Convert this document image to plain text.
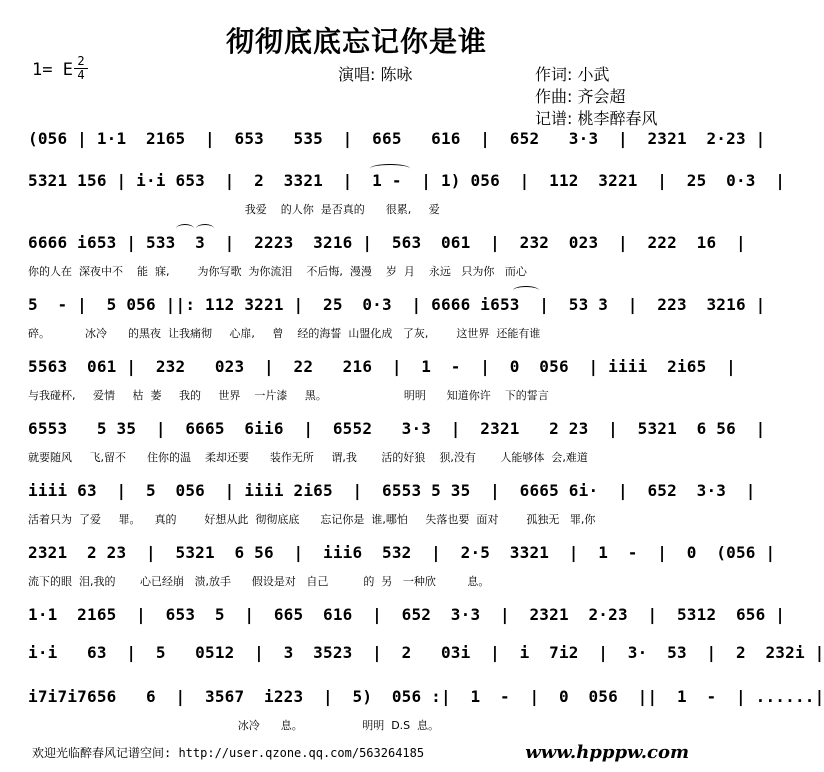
彻彻底底忘记你是谁
1= E 2
4	演唱: 陈咏	作词: 小武
作曲: 齐会超
记谱: 桃李醉春风
(056 | 1·1  2165  |  653   535  |  665   616  |  652   3·3  |  2321  2·23 |
5321 156 | i·i 653  |  2  3321  |  1 -  | 1) 056  |  112  3221  |  25  0·3  |
我爱    的人你  是否真的      很累,     爱
6666 i653 | 533  3  |  2223  3216 |  563  061  |  232  023  |  222  16  |
你的人在  深夜中不    能  寐,        为你写歌  为你流泪    不后悔,  漫漫    岁  月    永远   只为你   而心
5  - |  5 056 ||: 112 3221 |  25  0·3  | 6666 i653  |  53 3  |  223  3216 |
碎。          冰冷      的黑夜  让我痛彻     心扉,     曾    经的海誓  山盟化成   了灰,        这世界  还能有谁
5563  061 |  232   023  |  22   216  |  1  -  |  0  056  | iiii  2i65  |
与我碰杯,     爱情     枯  萎     我的     世界    一片漆     黑。                      明明      知道你许    下的誓言
6553   5 35  |  6665  6ii6  |  6552   3·3  |  2321   2 23  |  5321  6 56  |
就要随风     飞,留不      住你的温    柔却还要      装作无所     谓,我       活的好狼    狈,没有       人能够体  会,难道
iiii 63  |  5  056  | iiii 2i65  |  6553 5 35  |  6665 6i·  |  652  3·3  |
活着只为  了爱     罪。    真的        好想从此  彻彻底底      忘记你是  谁,哪怕     失落也要  面对        孤独无   罪,你
2321  2 23  |  5321  6 56  |  iii6  532  |  2·5  3321  |  1  -  |  0  (056 |
流下的眼  泪,我的       心已经崩   溃,放手      假设是对   自己          的  另   一种欣         息。
1·1  2165  |  653  5  |  665  616  |  652  3·3  |  2321  2·23  |  5312  656 |
i·i   63  |  5   0512  |  3  3523  |  2   03i  |  i  7i2  |  3·  53  |  2  232i |
i7i7i7656   6  |  3567  i223  |  5)  056 :|  1  -  |  0  056  ||  1  -  | ......|
冰冷      息。                 明明  D.S  息。
欢迎光临醉春风记谱空间: http://user.qzone.qq.com/563264185	www.hpppw.com
